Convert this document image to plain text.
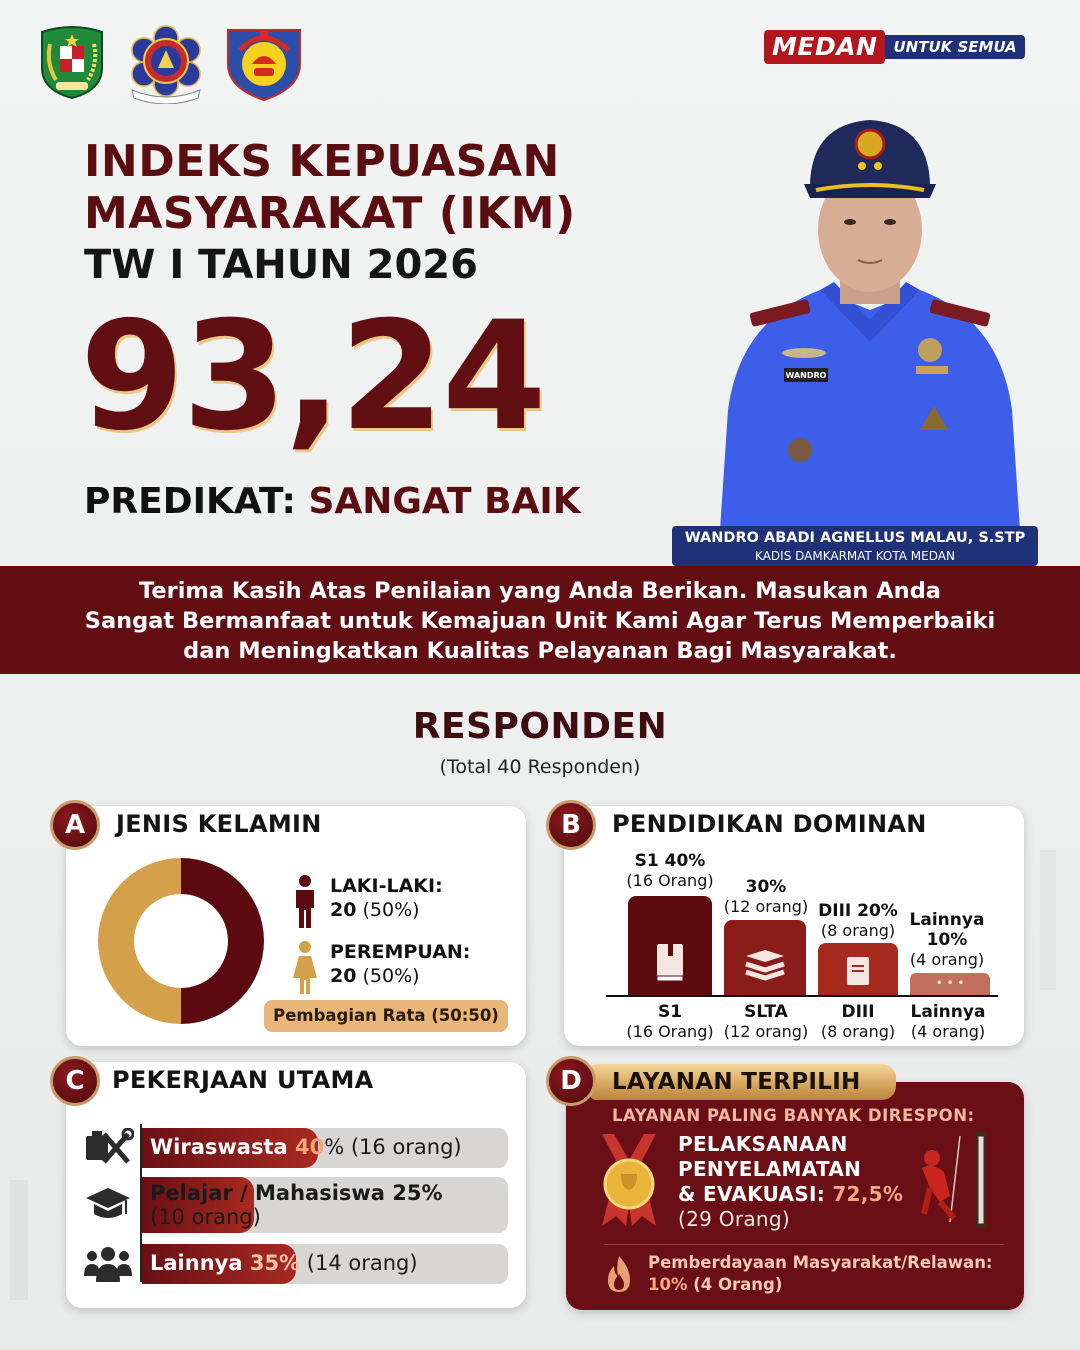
MEDAN	UNTUK SEMUA
INDEKS KEPUASAN
MASYARAKAT (IKM)
TW I TAHUN 2026
93,24
PREDIKAT: SANGAT BAIK
WANDRO
WANDRO ABADI AGNELLUS MALAU, S.STP
KADIS DAMKARMAT KOTA MEDAN
Terima Kasih Atas Penilaian yang Anda Berikan. Masukan Anda
Sangat Bermanfaat untuk Kemajuan Unit Kami Agar Terus Memperbaiki
dan Meningkatkan Kualitas Pelayanan Bagi Masyarakat.
RESPONDEN
(Total 40 Responden)
A	JENIS KELAMIN
LAKI-LAKI:
20 (50%)
PEREMPUAN:
20 (50%)
Pembagian Rata (50:50)
B	PENDIDIKAN DOMINAN
S1 40%
(16 Orang)	30%
(12 orang) DIII 20%
(8 orang)
Lainnya
10%
(4 orang)
• • •
S1
(16 Orang)
SLTA
(12 orang)
DIII
(8 orang)
Lainnya
(4 orang)
C	PEKERJAAN UTAMA
Wiraswasta 40% (16 orang)
Pelajar / Mahasiswa 25%
(10 orang)
Lainnya 35% (14 orang)
LAYANAN TERPILIH
D
LAYANAN PALING BANYAK DIRESPON:
PELAKSANAAN
PENYELAMATAN
& EVAKUASI: 72,5%
(29 Orang)
Pemberdayaan Masyarakat/Relawan:
10% (4 Orang)
